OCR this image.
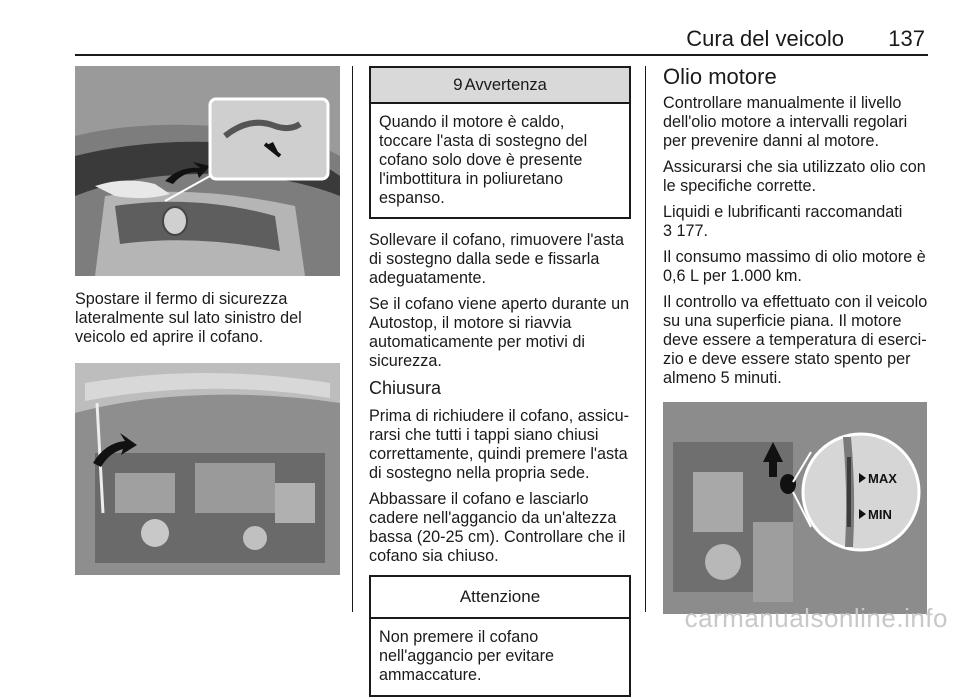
Cura del veicolo 137

Spostare il fermo di sicurezza lateralmente sul lato sinistro del veicolo ed aprire il cofano.

9 Avvertenza
Quando il motore è caldo, toccare l'asta di sostegno del cofano solo dove è presente l'imbottitura in poliuretano espanso.

Sollevare il cofano, rimuovere l'asta di sostegno dalla sede e fissarla adeguatamente.

Se il cofano viene aperto durante un Autostop, il motore si riavvia automaticamente per motivi di sicurezza.

Chiusura

Prima di richiudere il cofano, assicurarsi che tutti i tappi siano chiusi correttamente, quindi premere l'asta di sostegno nella propria sede.

Abbassare il cofano e lasciarlo cadere nell'aggancio da un'altezza bassa (20-25 cm). Controllare che il cofano sia chiuso.

Attenzione
Non premere il cofano nell'aggancio per evitare ammaccature.
Olio motore

Controllare manualmente il livello dell'olio motore a intervalli regolari per prevenire danni al motore.

Assicurarsi che sia utilizzato olio con le specifiche corrette.

Liquidi e lubrificanti raccomandati

3 177.

Il consumo massimo di olio motore è 0,6 L per 1.000 km.

Il controllo va effettuato con il veicolo su una superficie piana. Il motore deve essere a temperatura di esercizio e deve essere stato spento per almeno 5 minuti.

MAX
MIN
carmanualsonline.info
